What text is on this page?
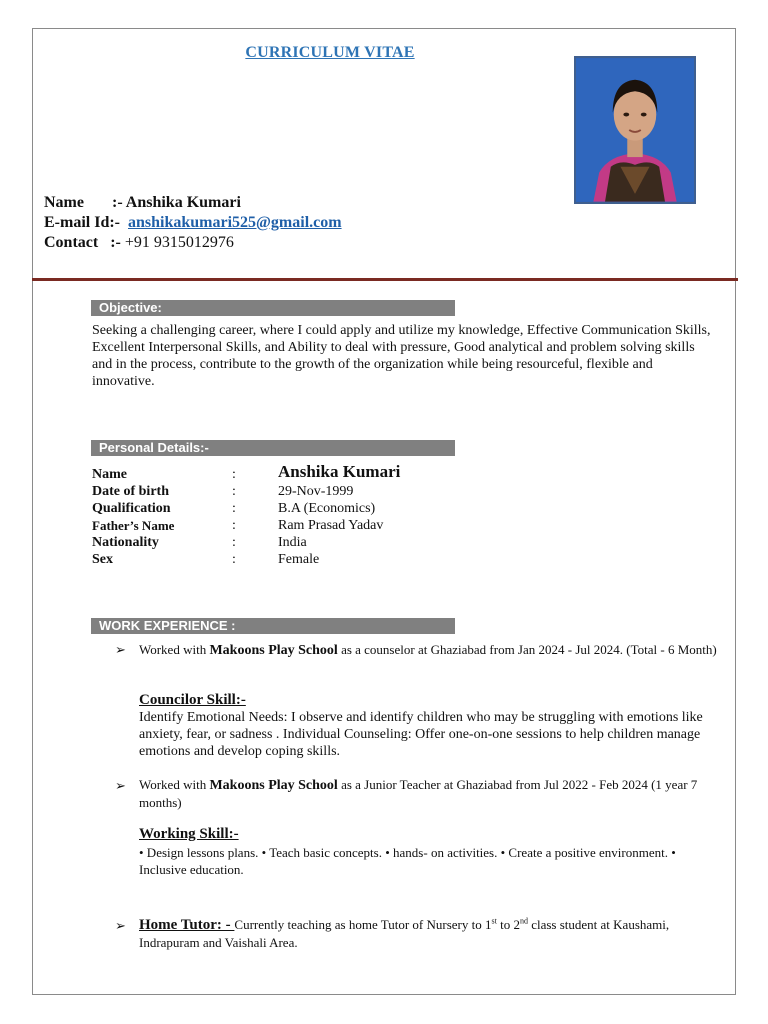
CURRICULUM VITAE
Name       :- Anshika Kumari
E-mail Id:-  anshikakumari525@gmail.com
Contact   :- +91 9315012976
Objective:
Seeking a challenging career, where I could apply and utilize my knowledge, Effective Communication Skills, Excellent Interpersonal Skills, and Ability to deal with pressure, Good analytical and problem solving skills and in the process, contribute to the growth of the organization while being resourceful, flexible and innovative.
Personal Details:-
Name	: Anshika Kumari
Date of birth	:	29-Nov-1999
Qualification	:	B.A (Economics)
Father’s Name	:	Ram Prasad Yadav
Nationality	:	India
Sex	:	Female
WORK EXPERIENCE :
➢ Worked with Makoons Play School as a counselor at Ghaziabad from Jan 2024 - Jul 2024. (Total - 6 Month)
Councilor Skill:-
Identify Emotional Needs: I observe and identify children who may be struggling with emotions like anxiety, fear, or sadness . Individual Counseling: Offer one-on-one sessions to help children manage emotions and develop coping skills.
➢ Worked with Makoons Play School as a Junior Teacher at Ghaziabad from Jul 2022 - Feb 2024 (1 year 7 months)
Working Skill:-
• Design lessons plans. • Teach basic concepts. • hands- on activities. • Create a positive environment. • Inclusive education.
➢ Home Tutor: - Currently teaching as home Tutor of Nursery to 1st to 2nd class student at Kaushami, Indrapuram and Vaishali Area.
